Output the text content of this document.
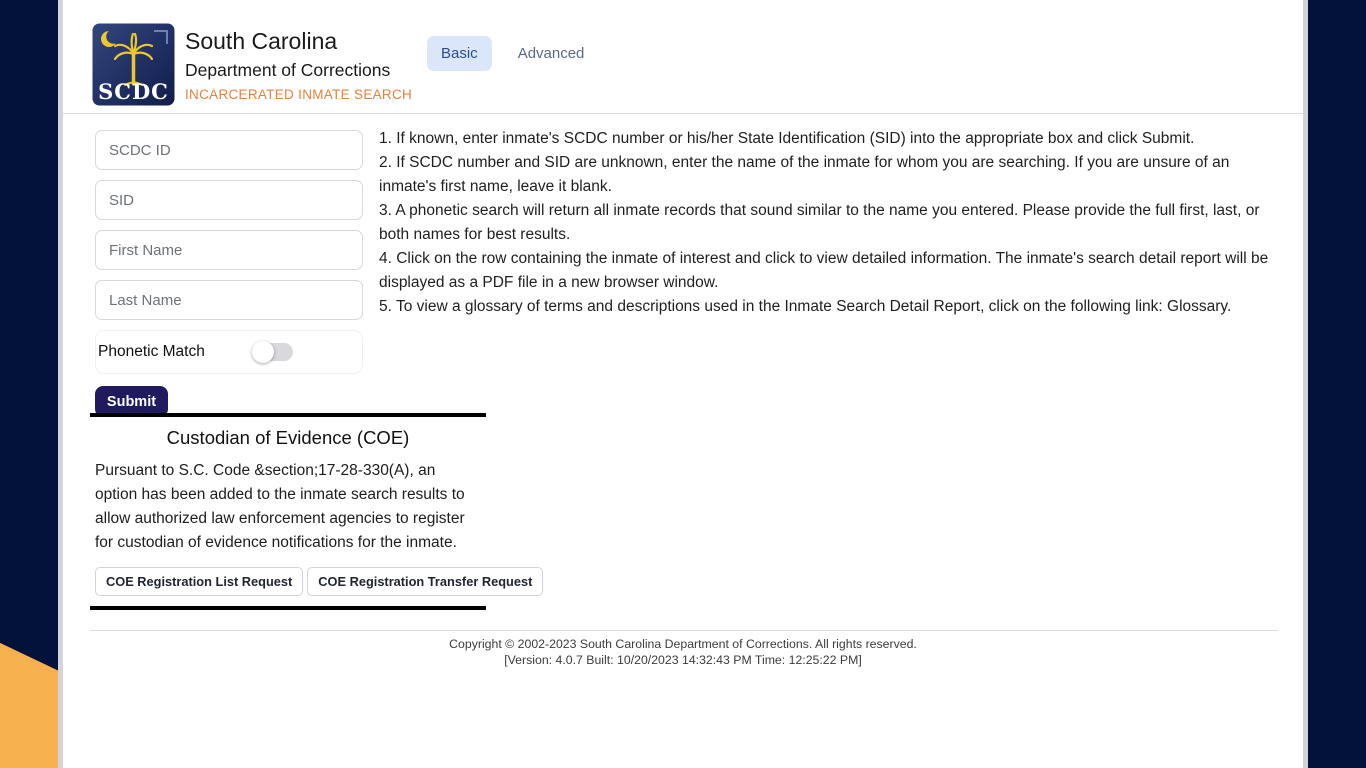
SCDC
South Carolina
Department of Corrections
INCARCERATED INMATE SEARCH
Basic	Advanced
SCDC ID
SID
First Name
Last Name
Phonetic Match
Submit
1. If known, enter inmate's SCDC number or his/her State Identification (SID) into the appropriate box and click Submit.
2. If SCDC number and SID are unknown, enter the name of the inmate for whom you are searching. If you are unsure of an inmate's first name, leave it blank.
3. A phonetic search will return all inmate records that sound similar to the name you entered. Please provide the full first, last, or both names for best results.
4. Click on the row containing the inmate of interest and click to view detailed information. The inmate's search detail report will be displayed as a PDF file in a new browser window.
5. To view a glossary of terms and descriptions used in the Inmate Search Detail Report, click on the following link: Glossary.
Custodian of Evidence (COE)
Pursuant to S.C. Code &section;17-28-330(A), an option has been added to the inmate search results to allow authorized law enforcement agencies to register for custodian of evidence notifications for the inmate.
COE Registration List Request	COE Registration Transfer Request
Copyright © 2002-2023 South Carolina Department of Corrections. All rights reserved.
[Version: 4.0.7 Built: 10/20/2023 14:32:43 PM Time: 12:25:22 PM]
